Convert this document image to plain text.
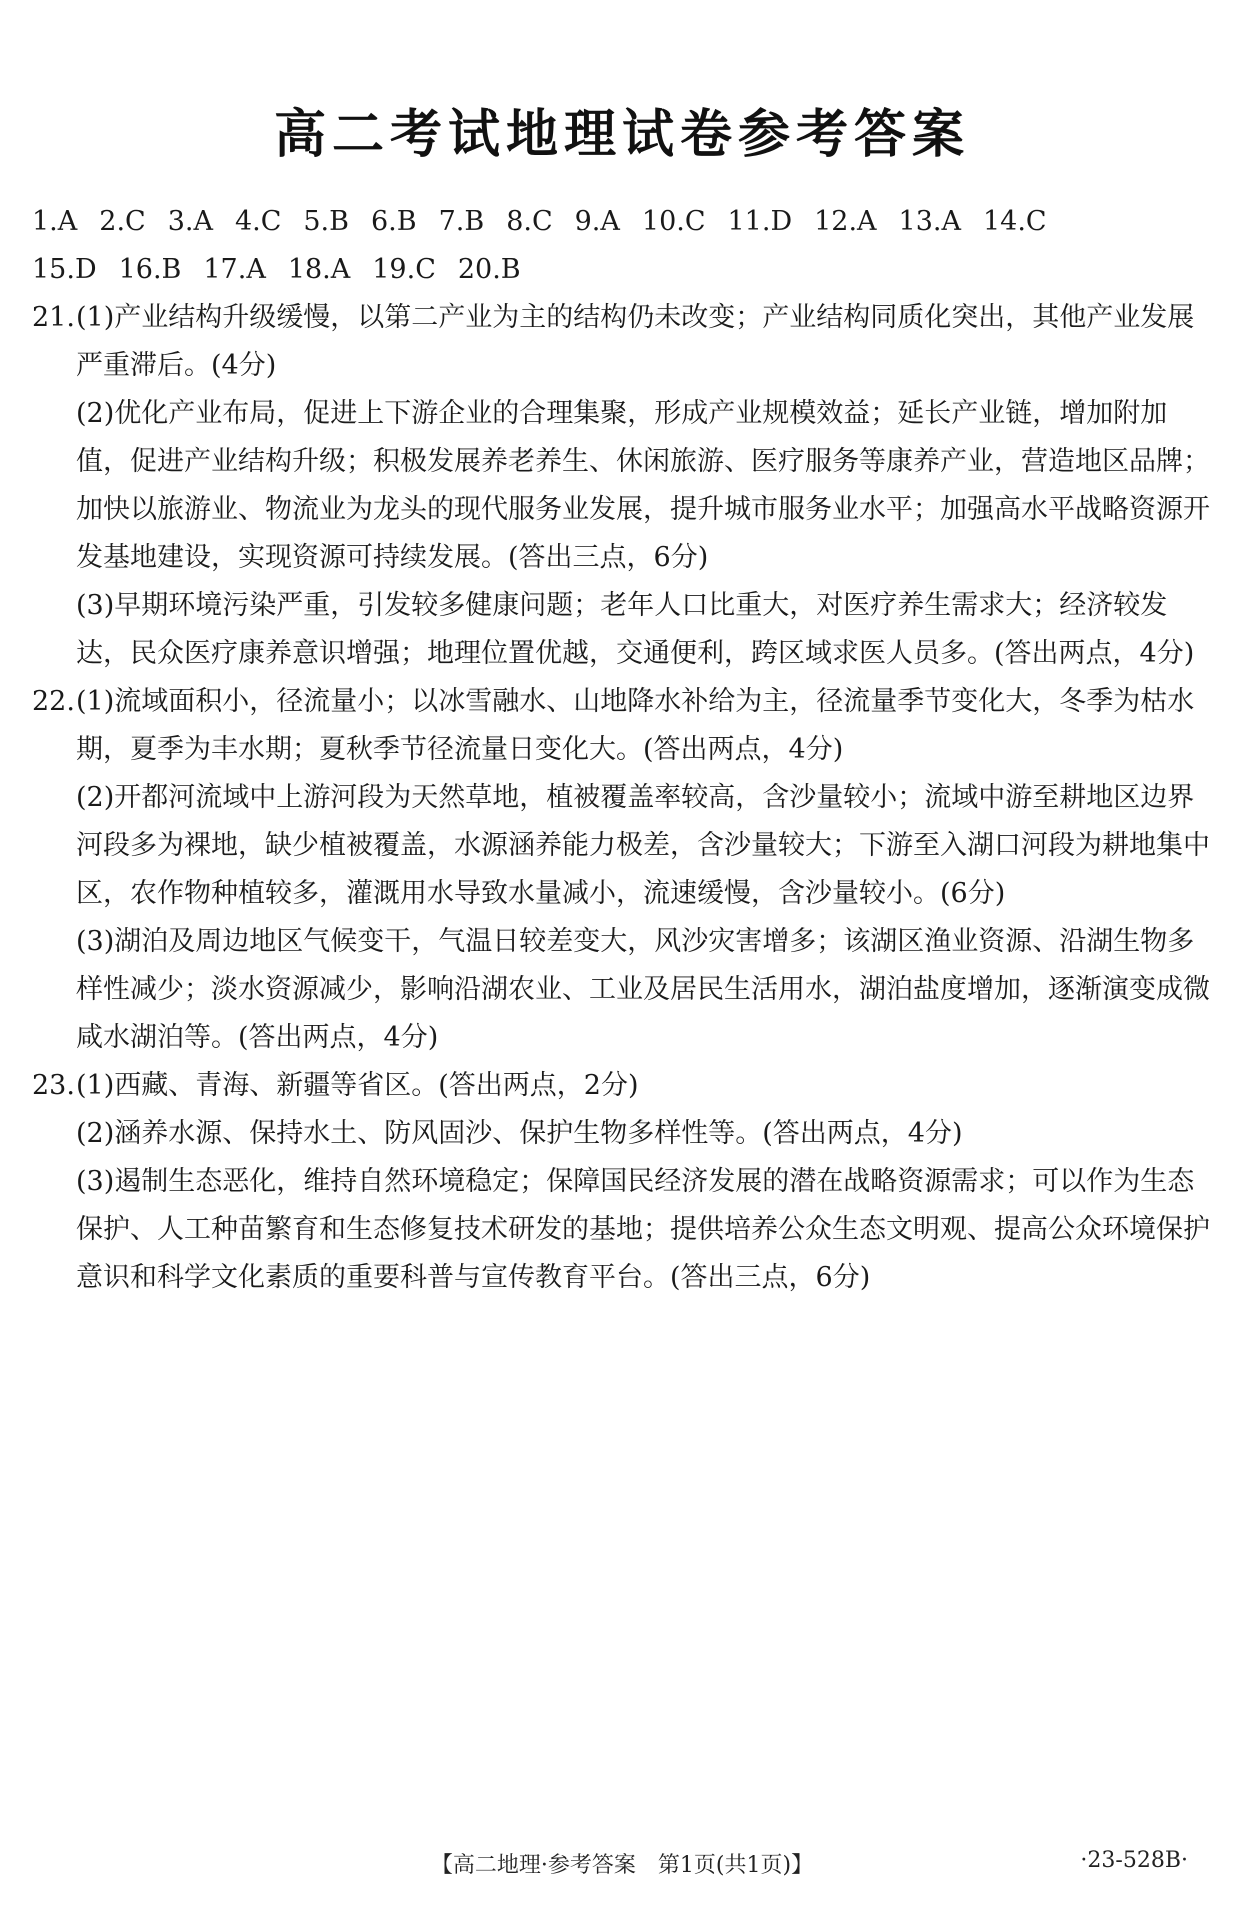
高二考试地理试卷参考答案
1.A 2.C 3.A 4.C 5.B 6.B 7.B 8.C 9.A 10.C 11.D 12.A 13.A 14.C
15.D 16.B 17.A 18.A 19.C 20.B
21. (1)产业结构升级缓慢，以第二产业为主的结构仍未改变；产业结构同质化突出，其他产业发展严重滞后。(4分)
(2)优化产业布局，促进上下游企业的合理集聚，形成产业规模效益；延长产业链，增加附加值，促进产业结构升级；积极发展养老养生、休闲旅游、医疗服务等康养产业，营造地区品牌；加快以旅游业、物流业为龙头的现代服务业发展，提升城市服务业水平；加强高水平战略资源开发基地建设，实现资源可持续发展。(答出三点，6分)
(3)早期环境污染严重，引发较多健康问题；老年人口比重大，对医疗养生需求大；经济较发达，民众医疗康养意识增强；地理位置优越，交通便利，跨区域求医人员多。(答出两点，4分)
22. (1)流域面积小，径流量小；以冰雪融水、山地降水补给为主，径流量季节变化大，冬季为枯水期，夏季为丰水期；夏秋季节径流量日变化大。(答出两点，4分)
(2)开都河流域中上游河段为天然草地，植被覆盖率较高，含沙量较小；流域中游至耕地区边界河段多为裸地，缺少植被覆盖，水源涵养能力极差，含沙量较大；下游至入湖口河段为耕地集中区，农作物种植较多，灌溉用水导致水量减小，流速缓慢，含沙量较小。(6分)
(3)湖泊及周边地区气候变干，气温日较差变大，风沙灾害增多；该湖区渔业资源、沿湖生物多样性减少；淡水资源减少，影响沿湖农业、工业及居民生活用水，湖泊盐度增加，逐渐演变成微咸水湖泊等。(答出两点，4分)
23. (1)西藏、青海、新疆等省区。(答出两点，2分)
(2)涵养水源、保持水土、防风固沙、保护生物多样性等。(答出两点，4分)
(3)遏制生态恶化，维持自然环境稳定；保障国民经济发展的潜在战略资源需求；可以作为生态保护、人工种苗繁育和生态修复技术研发的基地；提供培养公众生态文明观、提高公众环境保护意识和科学文化素质的重要科普与宣传教育平台。(答出三点，6分)
【高二地理·参考答案　第1页(共1页)】	·23-528B·
